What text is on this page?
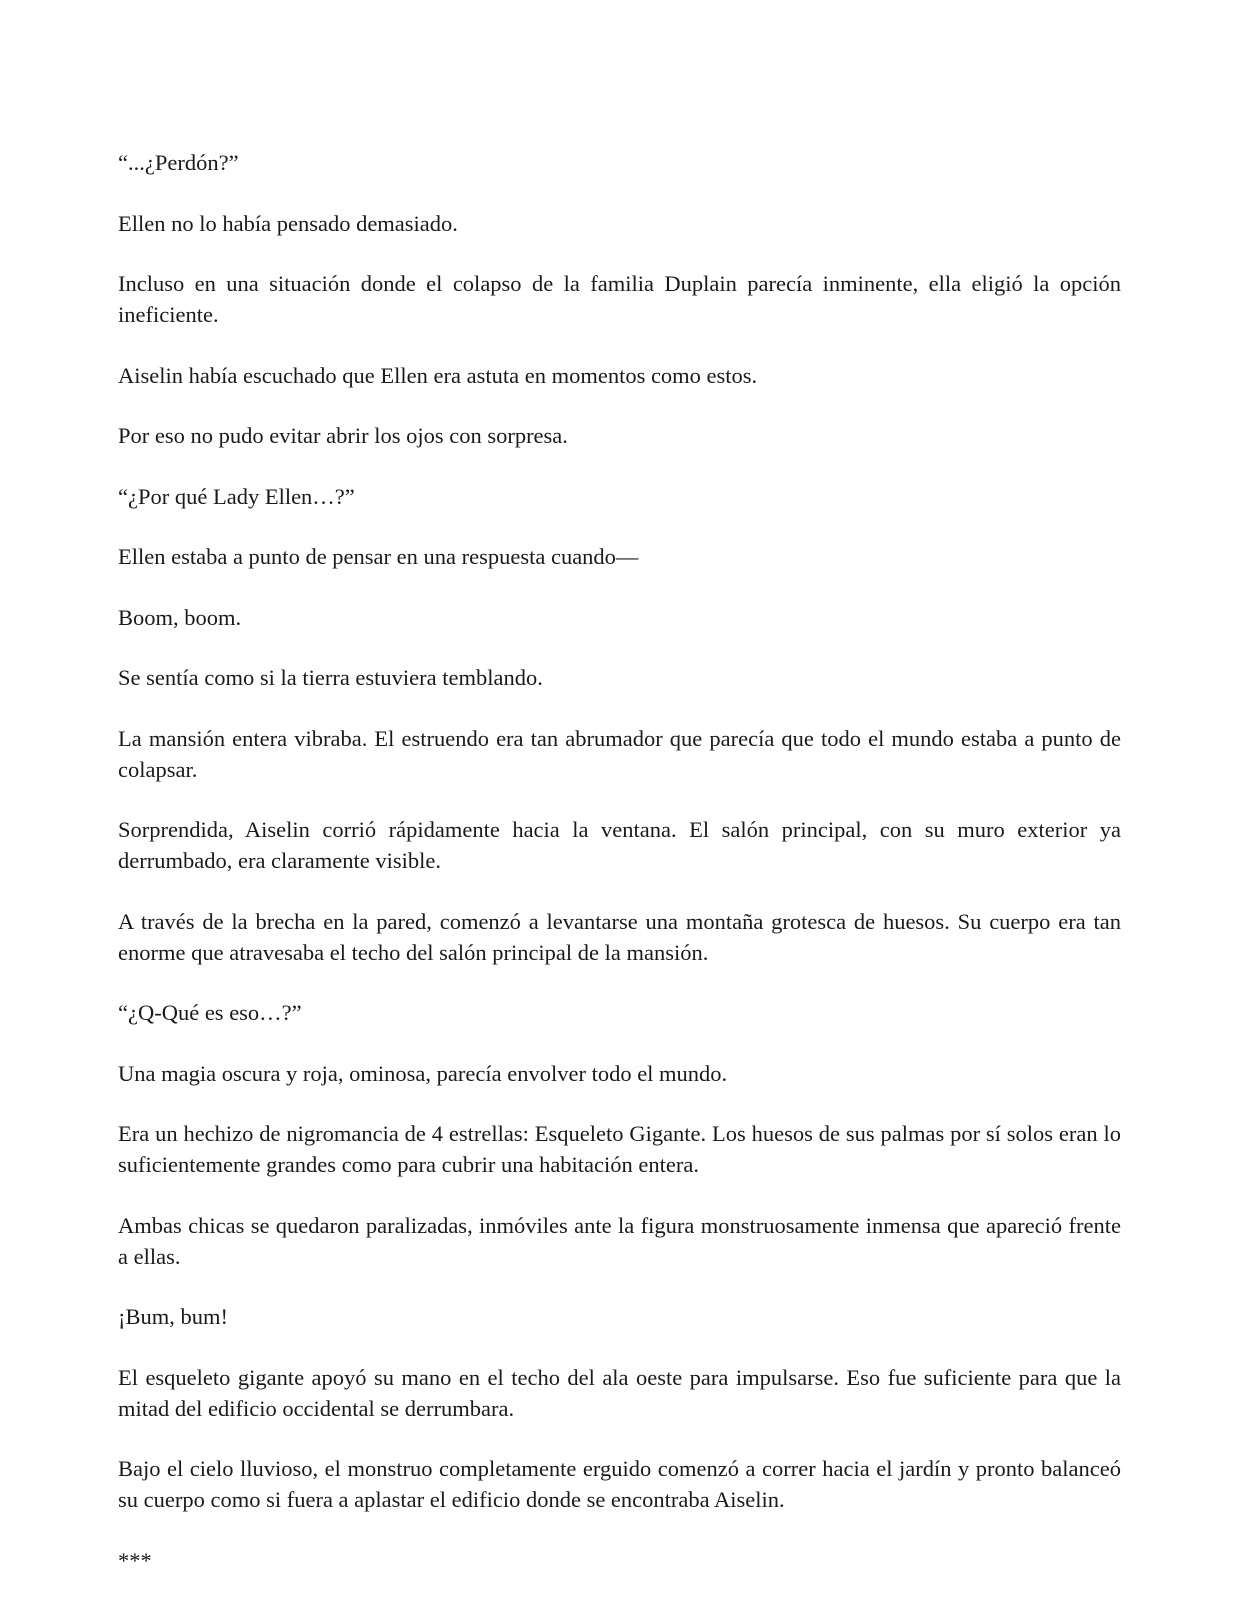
“...¿Perdón?”

Ellen no lo había pensado demasiado.

Incluso en una situación donde el colapso de la familia Duplain parecía inminente, ella eligió la opción ineficiente.

Aiselin había escuchado que Ellen era astuta en momentos como estos.

Por eso no pudo evitar abrir los ojos con sorpresa.

“¿Por qué Lady Ellen…?”

Ellen estaba a punto de pensar en una respuesta cuando—

Boom, boom.

Se sentía como si la tierra estuviera temblando.

La mansión entera vibraba. El estruendo era tan abrumador que parecía que todo el mundo estaba a punto de colapsar.

Sorprendida, Aiselin corrió rápidamente hacia la ventana. El salón principal, con su muro exterior ya derrumbado, era claramente visible.

A través de la brecha en la pared, comenzó a levantarse una montaña grotesca de huesos. Su cuerpo era tan enorme que atravesaba el techo del salón principal de la mansión.

“¿Q-Qué es eso…?”

Una magia oscura y roja, ominosa, parecía envolver todo el mundo.

Era un hechizo de nigromancia de 4 estrellas: Esqueleto Gigante. Los huesos de sus palmas por sí solos eran lo suficientemente grandes como para cubrir una habitación entera.

Ambas chicas se quedaron paralizadas, inmóviles ante la figura monstruosamente inmensa que apareció frente a ellas.

¡Bum, bum!

El esqueleto gigante apoyó su mano en el techo del ala oeste para impulsarse. Eso fue suficiente para que la mitad del edificio occidental se derrumbara.

Bajo el cielo lluvioso, el monstruo completamente erguido comenzó a correr hacia el jardín y pronto balanceó su cuerpo como si fuera a aplastar el edificio donde se encontraba Aiselin.

***
